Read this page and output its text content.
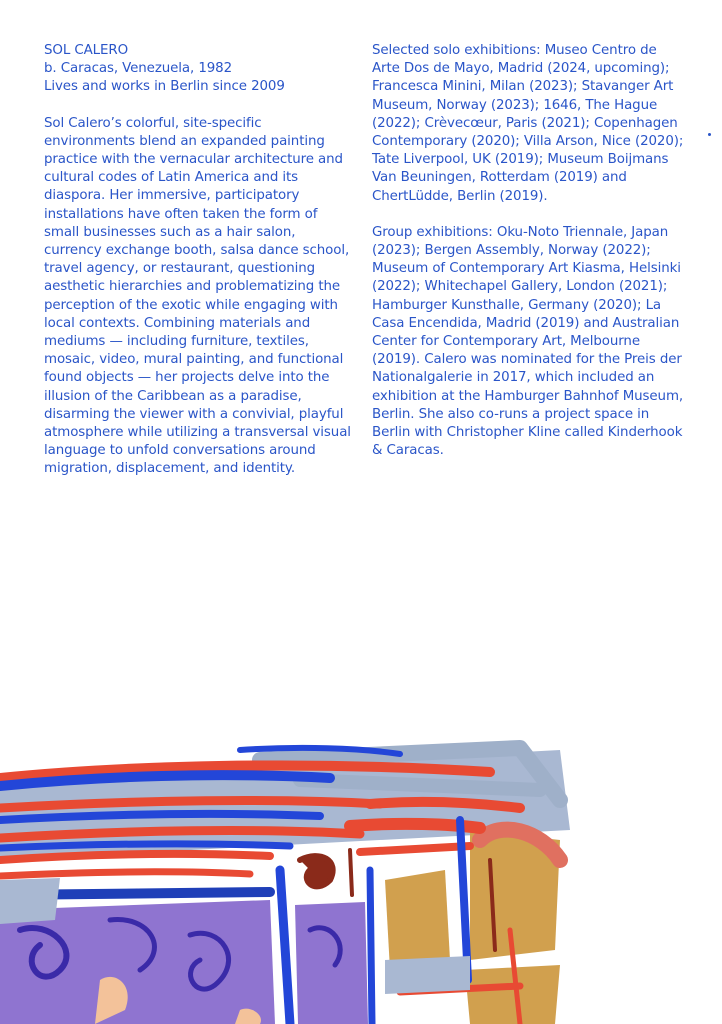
SOL CALERO
b. Caracas, Venezuela, 1982
Lives and works in Berlin since 2009

Sol Calero’s colorful, site-specific environments blend an expanded painting practice with the vernacular architecture and cultural codes of Latin America and its diaspora. Her immersive, participatory installations have often taken the form of small businesses such as a hair salon, currency exchange booth, salsa dance school, travel agency, or restaurant, questioning aesthetic hierarchies and problematizing the perception of the exotic while engaging with local contexts. Combining materials and mediums — including furniture, textiles, mosaic, video, mural painting, and functional found objects — her projects delve into the illusion of the Caribbean as a paradise, disarming the viewer with a convivial, playful atmosphere while utilizing a transversal visual language to unfold conversations around migration, displacement, and identity.

Selected solo exhibitions: Museo Centro de Arte Dos de Mayo, Madrid (2024, upcoming); Francesca Minini, Milan (2023); Stavanger Art Museum, Norway (2023); 1646, The Hague (2022); Crèvecœur, Paris (2021); Copenhagen Contemporary (2020); Villa Arson, Nice (2020); Tate Liverpool, UK (2019); Museum Boijmans Van Beuningen, Rotterdam (2019) and ChertLüdde, Berlin (2019).

Group exhibitions: Oku-Noto Triennale, Japan (2023); Bergen Assembly, Norway (2022); Museum of Contemporary Art Kiasma, Helsinki (2022); Whitechapel Gallery, London (2021); Hamburger Kunsthalle, Germany (2020); La Casa Encendida, Madrid (2019) and Australian Center for Contemporary Art, Melbourne (2019). Calero was nominated for the Preis der Nationalgalerie in 2017, which included an exhibition at the Hamburger Bahnhof Museum, Berlin. She also co-runs a project space in Berlin with Christopher Kline called Kinderhook & Caracas.
